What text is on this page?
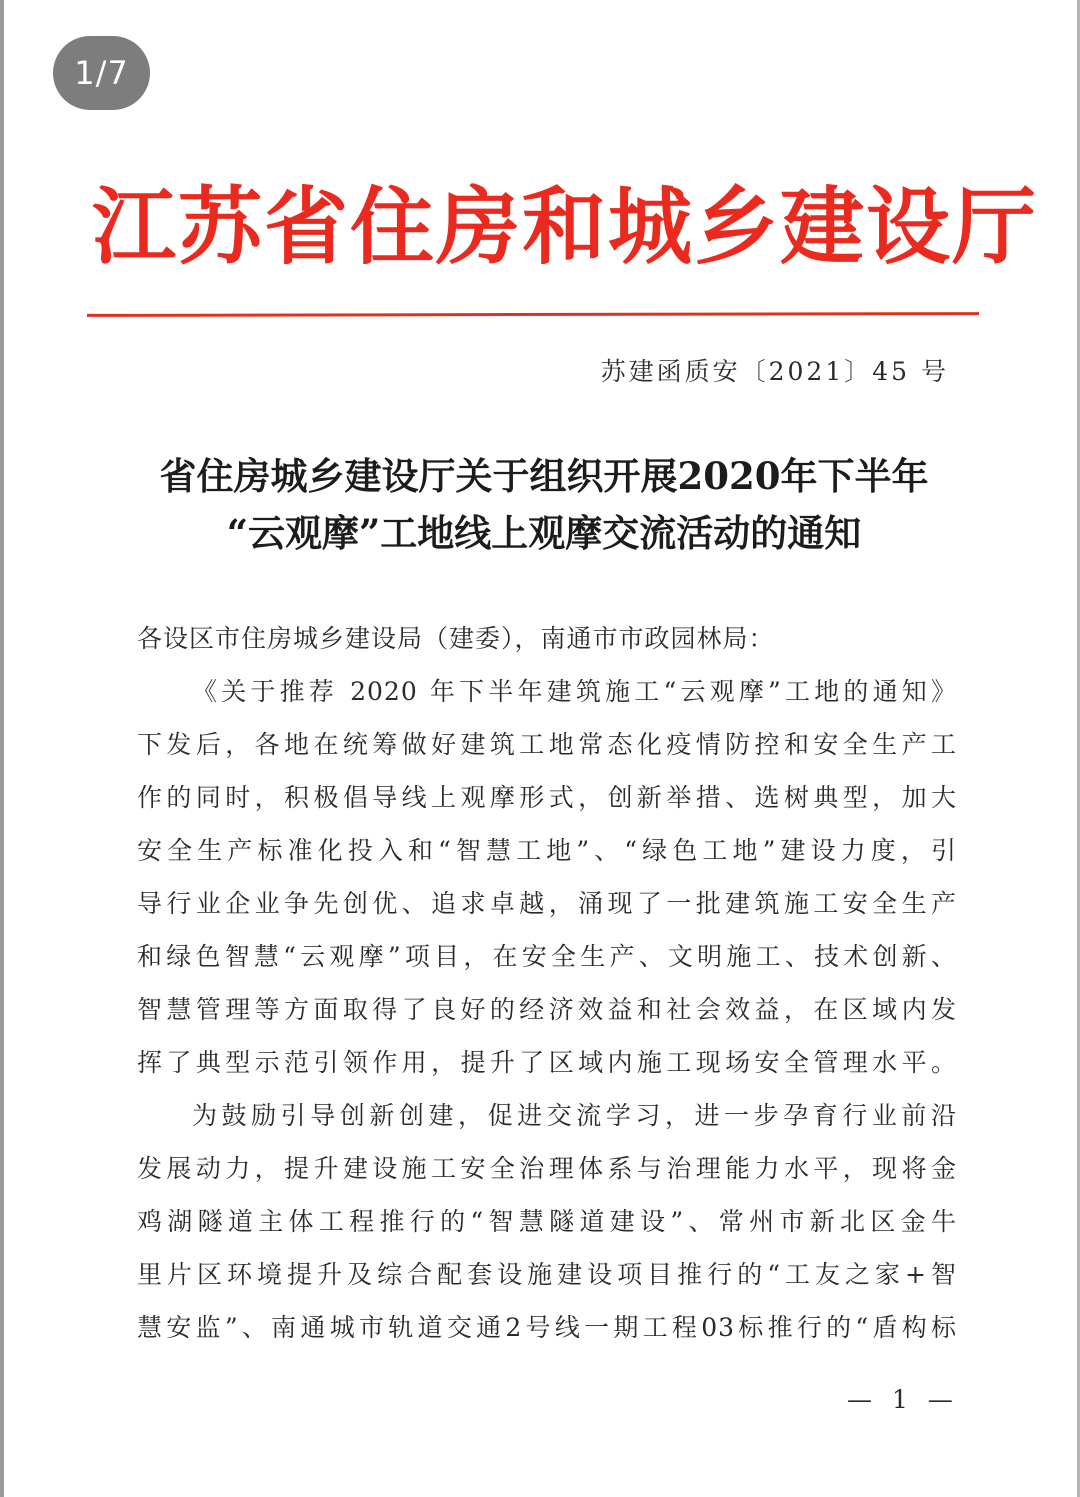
1/7
江苏省住房和城乡建设厅
苏建函质安〔2021〕45 号
省住房城乡建设厅关于组织开展2020年下半年
“云观摩”工地线上观摩交流活动的通知
各设区市住房城乡建设局（建委），南通市市政园林局：
《关于推荐 2020 年下半年建筑施工“云观摩”工地的通知》
下发后，各地在统筹做好建筑工地常态化疫情防控和安全生产工
作的同时，积极倡导线上观摩形式，创新举措、选树典型，加大
安全生产标准化投入和“智慧工地”、“绿色工地”建设力度，引
导行业企业争先创优、追求卓越，涌现了一批建筑施工安全生产
和绿色智慧“云观摩”项目，在安全生产、文明施工、技术创新、
智慧管理等方面取得了良好的经济效益和社会效益，在区域内发
挥了典型示范引领作用，提升了区域内施工现场安全管理水平。
为鼓励引导创新创建，促进交流学习，进一步孕育行业前沿
发展动力，提升建设施工安全治理体系与治理能力水平，现将金
鸡湖隧道主体工程推行的“智慧隧道建设”、常州市新北区金牛
里片区环境提升及综合配套设施建设项目推行的“工友之家+智
慧安监”、南通城市轨道交通2号线一期工程03标推行的“盾构标
— 1 —
